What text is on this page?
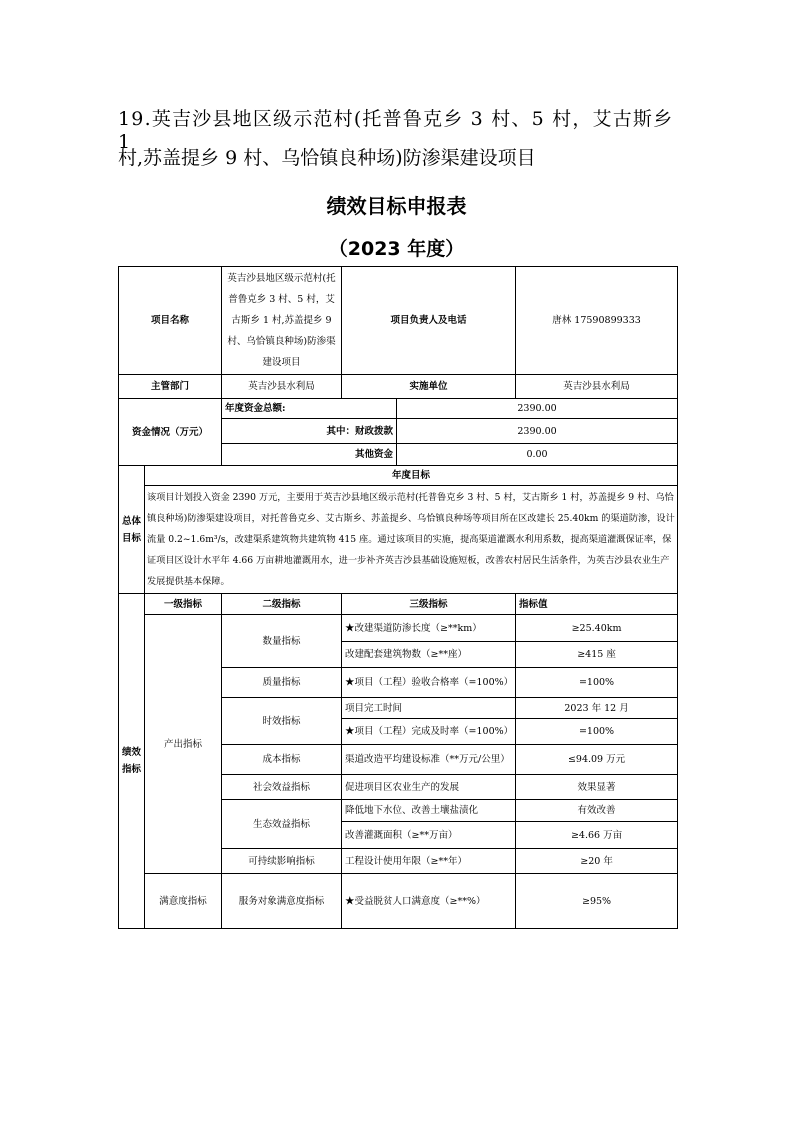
19.英吉沙县地区级示范村(托普鲁克乡 3 村、5 村，艾古斯乡 1

村,苏盖提乡 9 村、乌恰镇良种场)防渗渠建设项目

绩效目标申报表
（2023 年度）
项目名称		英吉沙县地区级示范村(托普鲁克乡 3 村、5 村，艾古斯乡 1 村,苏盖提乡 9 村、乌恰镇良种场)防渗渠建设项目	项目负责人及电话		唐林 17590899333
主管部门		英吉沙县水利局	实施单位		英吉沙县水利局
资金情况（万元）		年度资金总额:		2390.00	
		其中：财政拨款		2390.00	
		其他资金		0.00	
总体目标	年度目标				
	该项目计划投入资金 2390 万元，主要用于英吉沙县地区级示范村(托普鲁克乡 3 村、5 村，艾古斯乡 1 村，苏盖提乡 9 村、乌恰镇良种场)防渗渠建设项目，对托普鲁克乡、艾古斯乡、苏盖提乡、乌恰镇良种场等项目所在区改建长 25.40km 的渠道防渗，设计流量 0.2~1.6m³/s，改建渠系建筑物共建筑物 415 座。通过该项目的实施，提高渠道灌溉水利用系数，提高渠道灌溉保证率，保证项目区设计水平年 4.66 万亩耕地灌溉用水，进一步补齐英吉沙县基础设施短板，改善农村居民生活条件，为英吉沙县农业生产发展提供基本保障。				
绩效指标	一级指标	二级指标	三级指标		指标值
	产出指标	数量指标	★改建渠道防渗长度（≥**km）		≥25.40km
			改建配套建筑物数（≥**座）		≥415 座
		质量指标	★项目（工程）验收合格率（=100%）		=100%
		时效指标	项目完工时间		2023 年 12 月
			★项目（工程）完成及时率（=100%）		=100%
		成本指标	渠道改造平均建设标准（**万元/公里）		≤94.09 万元
		社会效益指标	促进项目区农业生产的发展		效果显著
		生态效益指标	降低地下水位、改善土壤盐渍化		有效改善
			改善灌溉面积（≥**万亩）		≥4.66 万亩
		可持续影响指标	工程设计使用年限（≥**年）		≥20 年
	满意度指标	服务对象满意度指标	★受益脱贫人口满意度（≥**%）		≥95%
